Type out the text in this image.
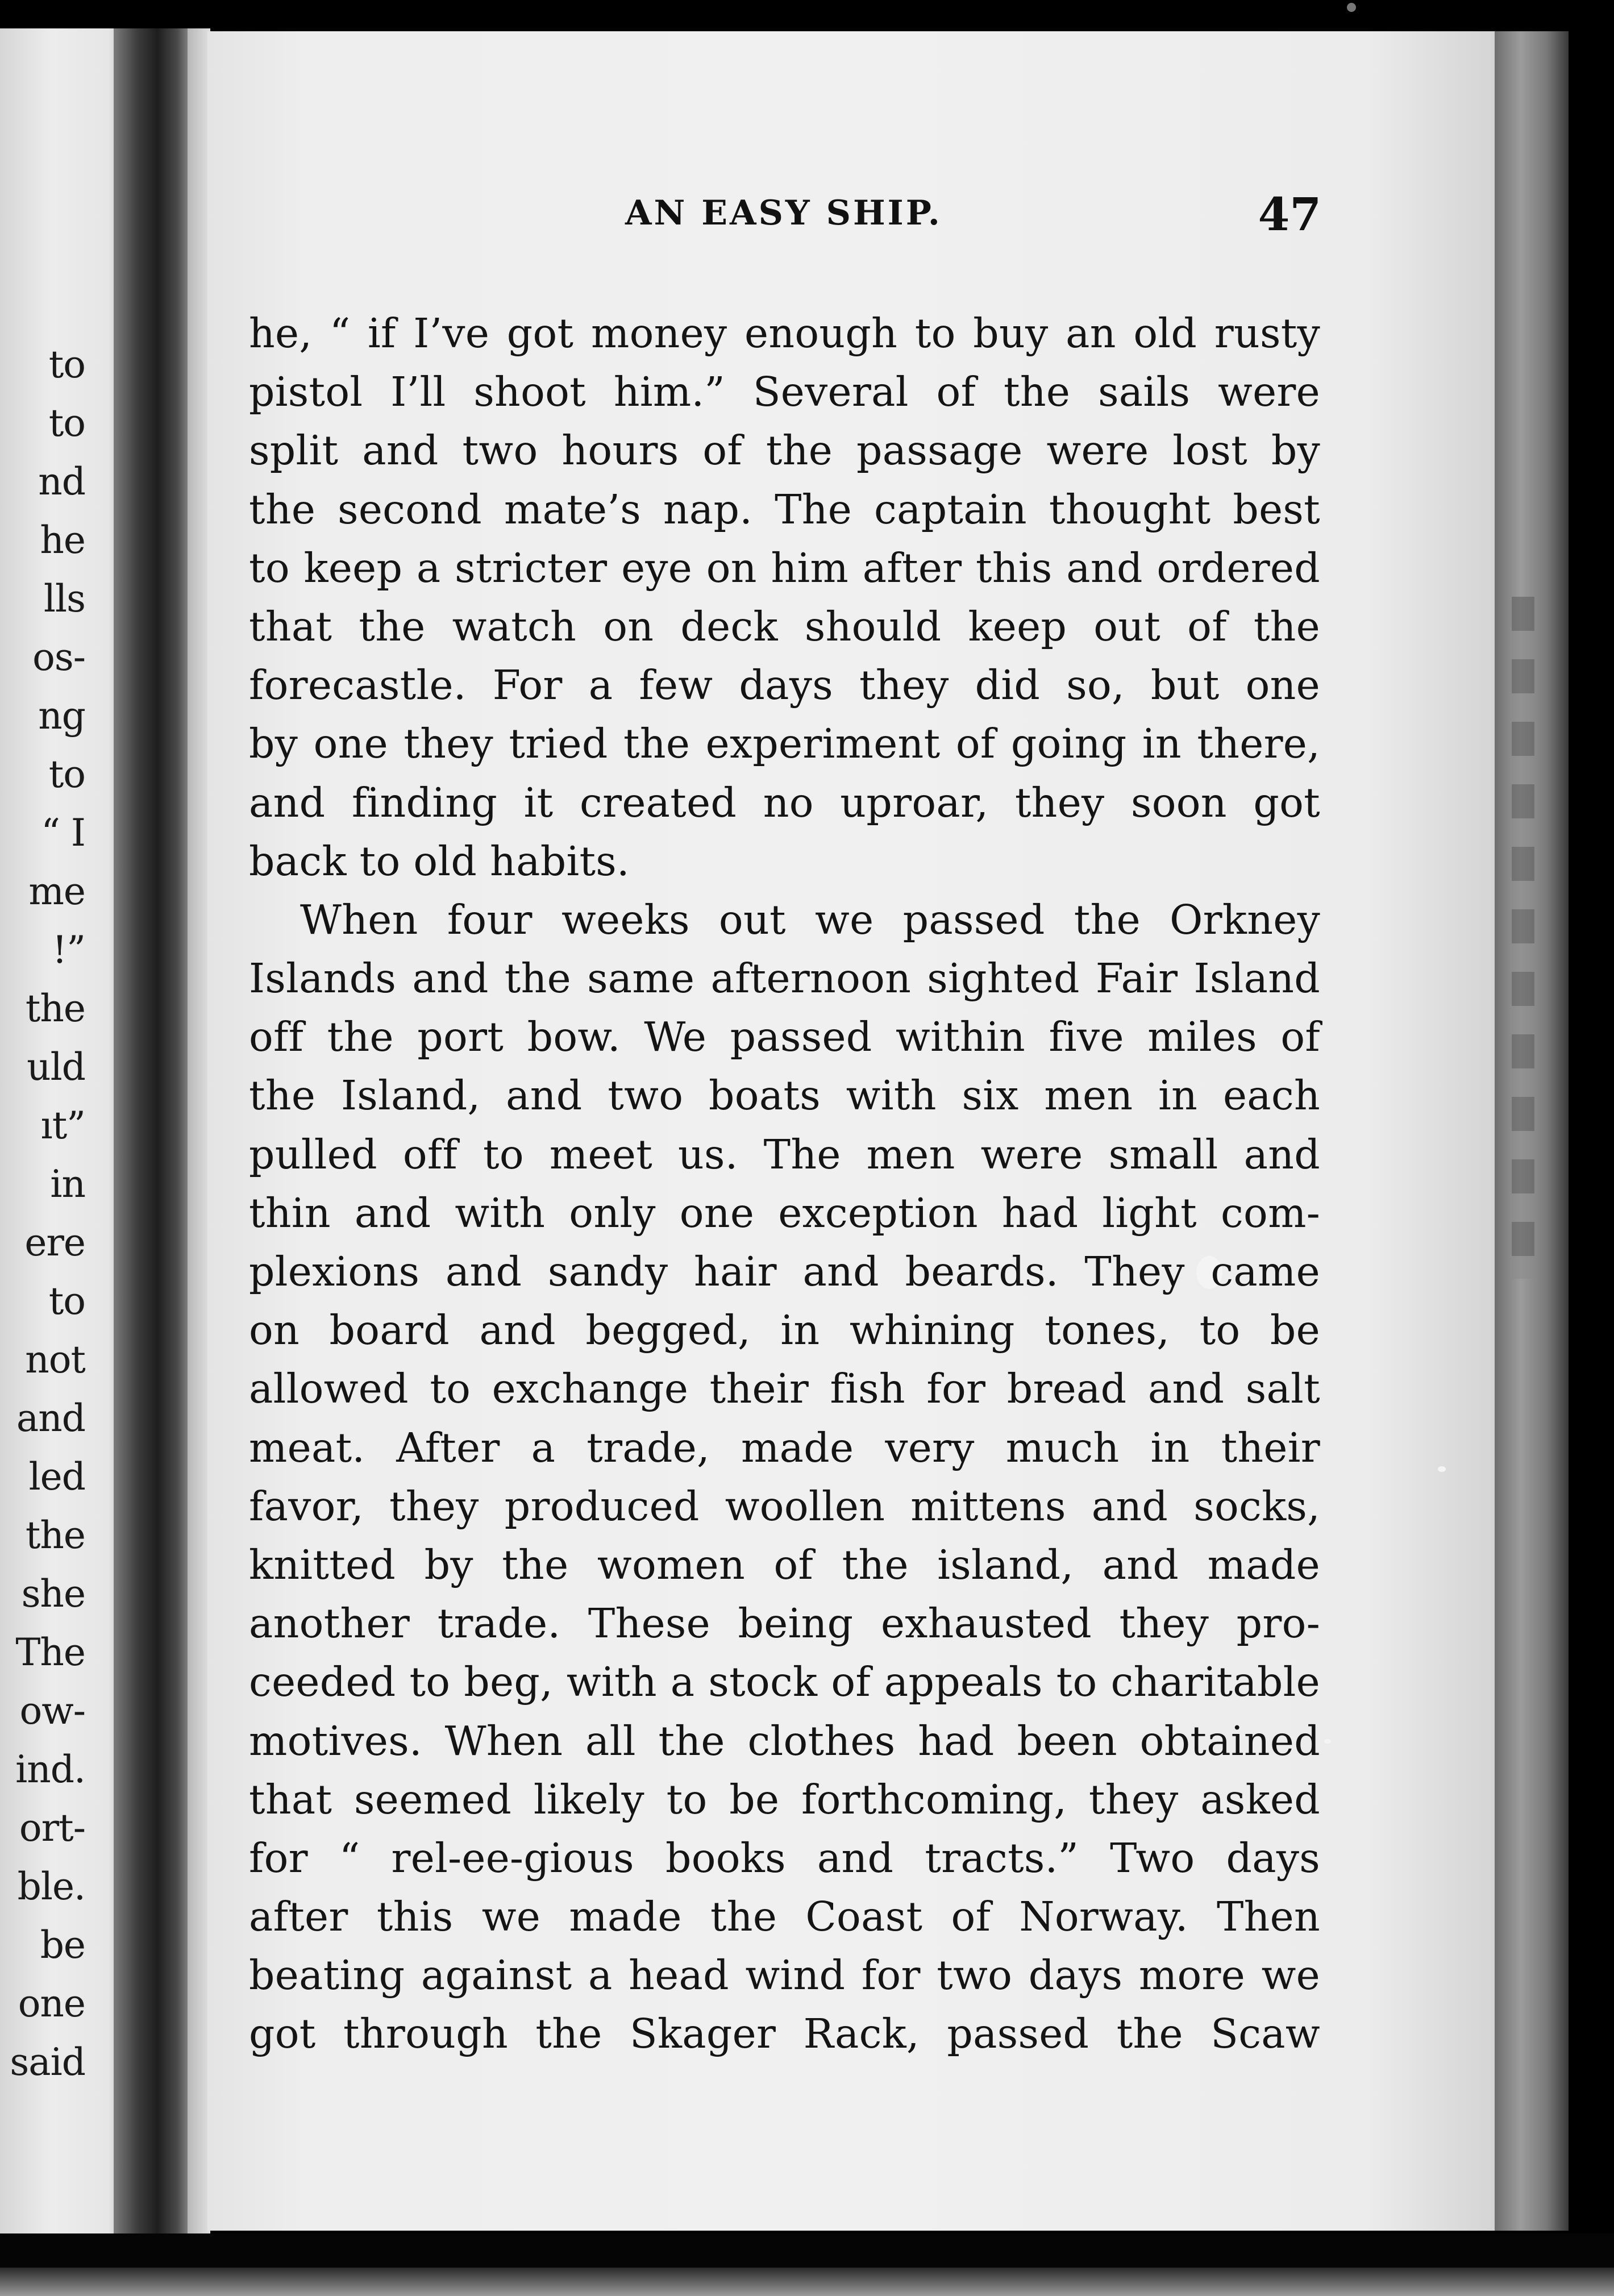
to
to
nd
he
lls
os-
ng
to
“ I
me
!”
the
uld
ıt”
in
ere
to
not
and
led
the
she
The
ow-
ind.
ort-
ble.
be
one
said
AN EASY SHIP.	47
he, “ if I’ve got money enough to buy an old rusty
pistol I’ll shoot him.” Several of the sails were
split and two hours of the passage were lost by
the second mate’s nap. The captain thought best
to keep a stricter eye on him after this and ordered
that the watch on deck should keep out of the
forecastle. For a few days they did so, but one
by one they tried the experiment of going in there,
and finding it created no uproar, they soon got
back to old habits.
When four weeks out we passed the Orkney
Islands and the same afternoon sighted Fair Island
off the port bow. We passed within five miles of
the Island, and two boats with six men in each
pulled off to meet us. The men were small and
thin and with only one exception had light com-
plexions and sandy hair and beards. They came
on board and begged, in whining tones, to be
allowed to exchange their fish for bread and salt
meat. After a trade, made very much in their
favor, they produced woollen mittens and socks,
knitted by the women of the island, and made
another trade. These being exhausted they pro-
ceeded to beg, with a stock of appeals to charitable
motives. When all the clothes had been obtained
that seemed likely to be forthcoming, they asked
for “ rel-ee-gious books and tracts.” Two days
after this we made the Coast of Norway. Then
beating against a head wind for two days more we
got through the Skager Rack, passed the Scaw
